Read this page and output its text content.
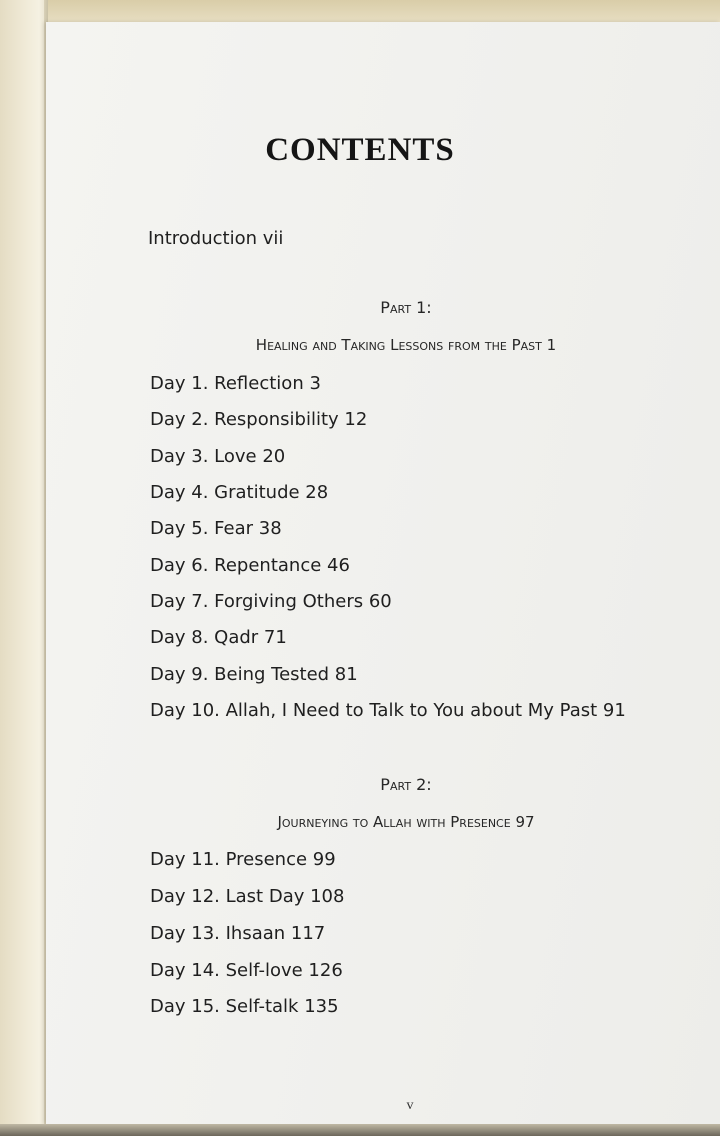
CONTENTS
Introduction vii
Part 1:
Healing and Taking Lessons from the Past 1
Day 1. Reflection 3
Day 2. Responsibility 12
Day 3. Love 20
Day 4. Gratitude 28
Day 5. Fear 38
Day 6. Repentance 46
Day 7. Forgiving Others 60
Day 8. Qadr 71
Day 9. Being Tested 81
Day 10. Allah, I Need to Talk to You about My Past 91
Part 2:
Journeying to Allah with Presence 97
Day 11. Presence 99
Day 12. Last Day 108
Day 13. Ihsaan 117
Day 14. Self-love 126
Day 15. Self-talk 135
v
